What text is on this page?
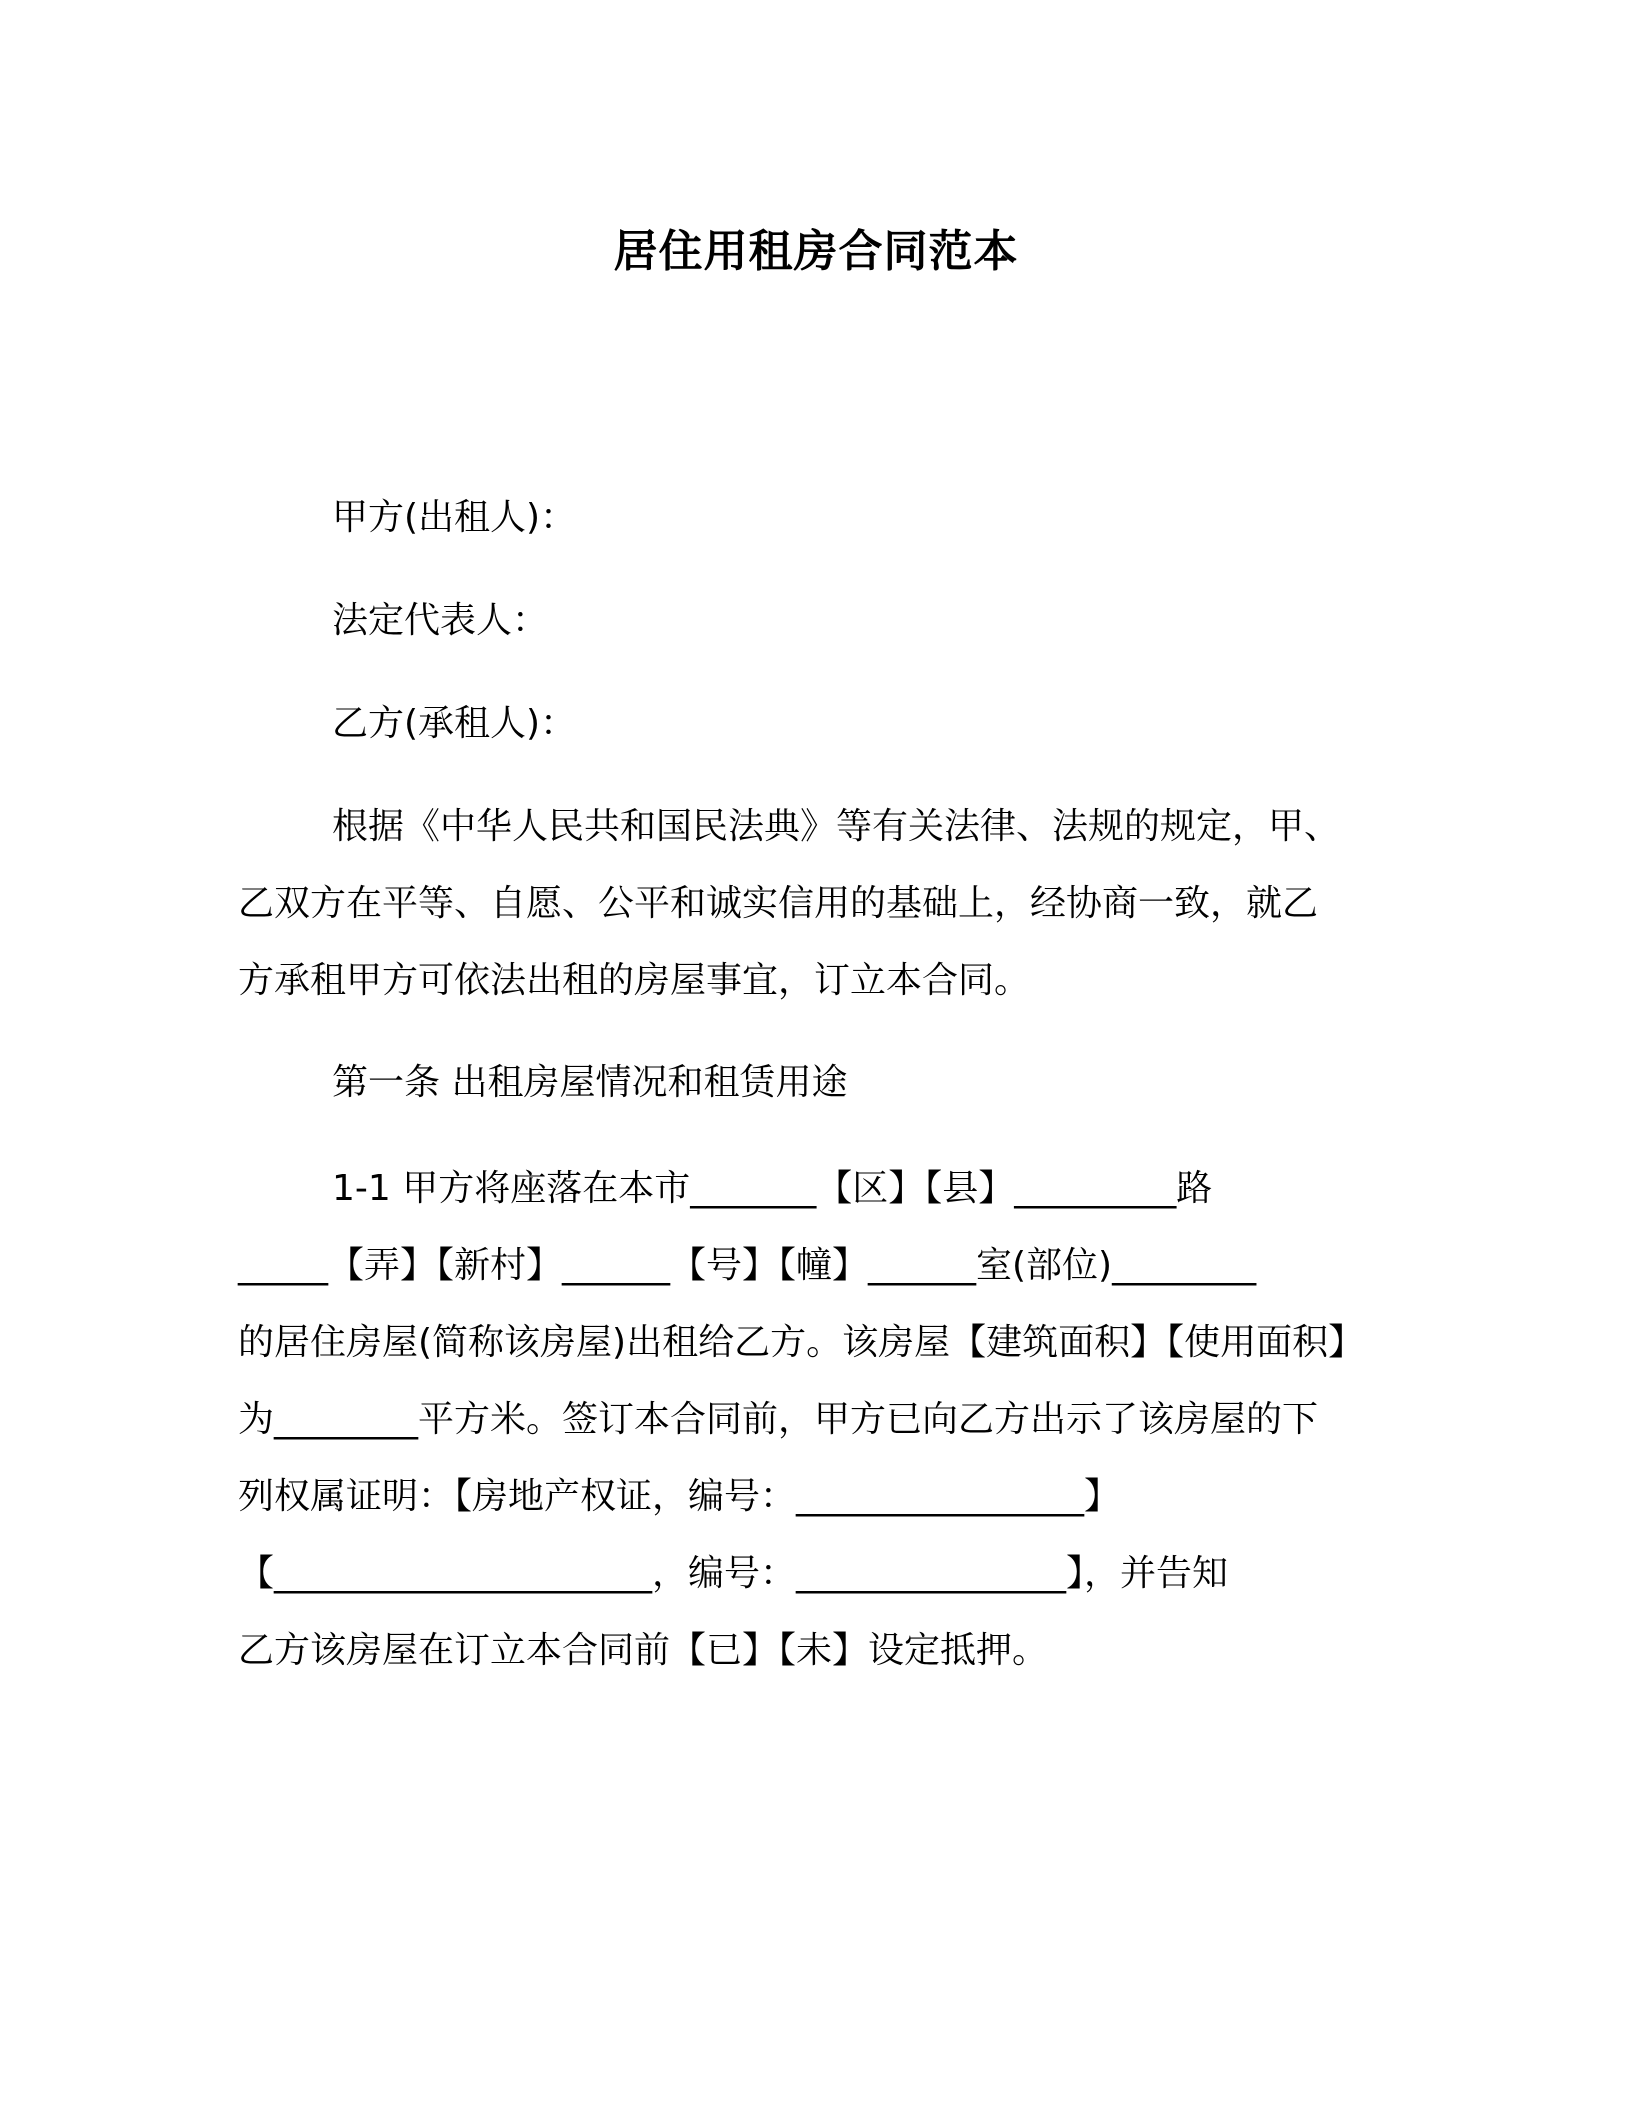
居住用租房合同范本
甲方(出租人)：
法定代表人：
乙方(承租人)：
根据《中华人民共和国民法典》等有关法律、法规的规定，甲、
乙双方在平等、自愿、公平和诚实信用的基础上，经协商一致，就乙
方承租甲方可依法出租的房屋事宜，订立本合同。
第一条 出租房屋情况和租赁用途
1-1 甲方将座落在本市_______【区】【县】_________路
_____【弄】【新村】______【号】【幢】______室(部位)________
的居住房屋(简称该房屋)出租给乙方。该房屋【建筑面积】【使用面积】
为________平方米。签订本合同前，甲方已向乙方出示了该房屋的下
列权属证明：【房地产权证，编号：________________】
【_____________________，编号：_______________】，并告知
乙方该房屋在订立本合同前【已】【未】设定抵押。
